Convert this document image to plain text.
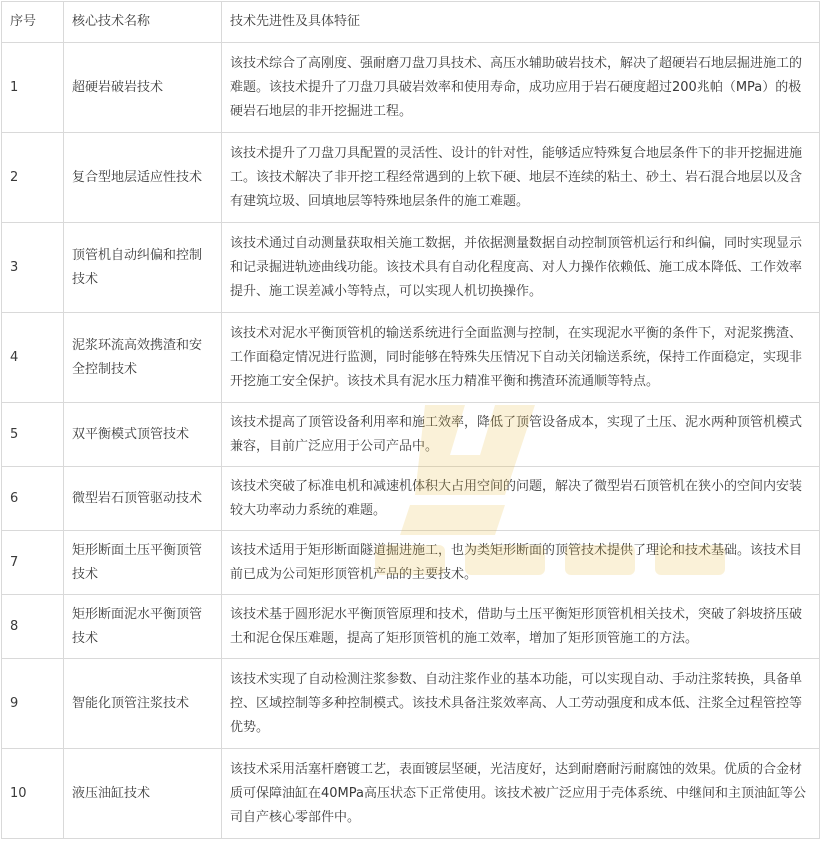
序号	核心技术名称	技术先进性及具体特征
1	超硬岩破岩技术	该技术综合了高刚度、强耐磨刀盘刀具技术、高压水辅助破岩技术，解决了超硬岩石地层掘进施工的难题。该技术提升了刀盘刀具破岩效率和使用寿命，成功应用于岩石硬度超过200兆帕（MPa）的极硬岩石地层的非开挖掘进工程。
2	复合型地层适应性技术	该技术提升了刀盘刀具配置的灵活性、设计的针对性，能够适应特殊复合地层条件下的非开挖掘进施工。该技术解决了非开挖工程经常遇到的上软下硬、地层不连续的粘土、砂土、岩石混合地层以及含有建筑垃圾、回填地层等特殊地层条件的施工难题。
3	顶管机自动纠偏和控制技术	该技术通过自动测量获取相关施工数据，并依据测量数据自动控制顶管机运行和纠偏，同时实现显示和记录掘进轨迹曲线功能。该技术具有自动化程度高、对人力操作依赖低、施工成本降低、工作效率提升、施工误差减小等特点，可以实现人机切换操作。
4	泥浆环流高效携渣和安全控制技术	该技术对泥水平衡顶管机的输送系统进行全面监测与控制，在实现泥水平衡的条件下，对泥浆携渣、工作面稳定情况进行监测，同时能够在特殊失压情况下自动关闭输送系统，保持工作面稳定，实现非开挖施工安全保护。该技术具有泥水压力精准平衡和携渣环流通顺等特点。
5	双平衡模式顶管技术	该技术提高了顶管设备利用率和施工效率，降低了顶管设备成本，实现了土压、泥水两种顶管机模式兼容，目前广泛应用于公司产品中。
6	微型岩石顶管驱动技术	该技术突破了标准电机和减速机体积大占用空间的问题，解决了微型岩石顶管机在狭小的空间内安装较大功率动力系统的难题。
7	矩形断面土压平衡顶管技术	该技术适用于矩形断面隧道掘进施工，也为类矩形断面的顶管技术提供了理论和技术基础。该技术目前已成为公司矩形顶管机产品的主要技术。
8	矩形断面泥水平衡顶管技术	该技术基于圆形泥水平衡顶管原理和技术，借助与土压平衡矩形顶管机相关技术，突破了斜坡挤压破土和泥仓保压难题，提高了矩形顶管机的施工效率，增加了矩形顶管施工的方法。
9	智能化顶管注浆技术	该技术实现了自动检测注浆参数、自动注浆作业的基本功能，可以实现自动、手动注浆转换，具备单控、区域控制等多种控制模式。该技术具备注浆效率高、人工劳动强度和成本低、注浆全过程管控等优势。
10	液压油缸技术	该技术采用活塞杆磨镀工艺，表面镀层坚硬，光洁度好，达到耐磨耐污耐腐蚀的效果。优质的合金材质可保障油缸在40MPa高压状态下正常使用。该技术被广泛应用于壳体系统、中继间和主顶油缸等公司自产核心零部件中。
